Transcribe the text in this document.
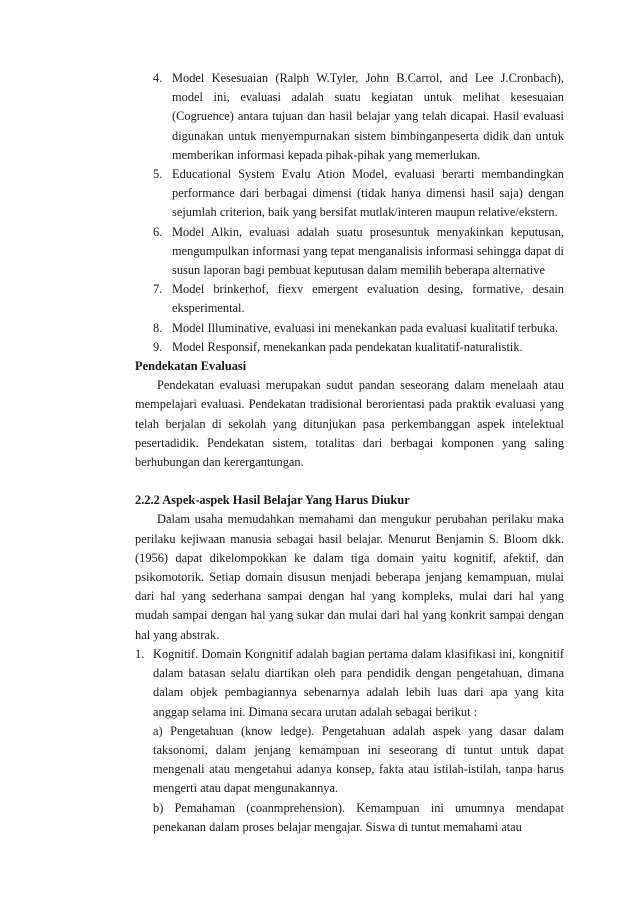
4. Model Kesesuaian (Ralph W.Tyler, John B.Carrol, and Lee J.Cronbach), model ini, evaluasi adalah suatu kegiatan untuk melihat kesesuaian (Cogruence) antara tujuan dan hasil belajar yang telah dicapai. Hasil evaluasi digunakan untuk menyempurnakan sistem bimbinganpeserta didik dan untuk memberikan informasi kepada pihak-pihak yang memerlukan.
5. Educational System Evalu Ation Model, evaluasi berarti membandingkan performance dari berbagai dimensi (tidak hanya dimensi hasil saja) dengan sejumlah criterion, baik yang bersifat mutlak/interen maupun relative/ekstern.
6. Model Alkin, evaluasi adalah suatu prosesuntuk menyakinkan keputusan, mengumpulkan informasi yang tepat menganalisis informasi sehingga dapat di susun laporan bagi pembuat keputusan dalam memilih beberapa alternative
7. Model brinkerhof, fiexv emergent evaluation desing, formative, desain eksperimental.
8. Model Illuminative, evaluasi ini menekankan pada evaluasi kualitatif terbuka.
9. Model Responsif, menekankan pada pendekatan kualitatif-naturalistik.

Pendekatan Evaluasi

Pendekatan evaluasi merupakan sudut pandan seseorang dalam menelaah atau mempelajari evaluasi. Pendekatan tradisional berorientasi pada praktik evaluasi yang telah berjalan di sekolah yang ditunjukan pasa perkembanggan aspek intelektual pesertadidik. Pendekatan sistem, totalitas dari berbagai komponen yang saling berhubungan dan kerergantungan.

2.2.2 Aspek-aspek Hasil Belajar Yang Harus Diukur

Dalam usaha memudahkan memahami dan mengukur perubahan perilaku maka perilaku kejiwaan manusia sebagai hasil belajar. Menurut Benjamin S. Bloom dkk. (1956) dapat dikelompokkan ke dalam tiga domain yaitu kognitif, afektif, dan psikomotorik. Setiap domain disusun menjadi beberapa jenjang kemampuan, mulai dari hal yang sederhana sampai dengan hal yang kompleks, mulai dari hal yang mudah sampai dengan hal yang sukar dan mulai dari hal yang konkrit sampai dengan hal yang abstrak.

1. Kognitif. Domain Kongnitif adalah bagian pertama dalam klasifikasi ini, kongnitif dalam batasan selalu diartikan oleh para pendidik dengan pengetahuan, dimana dalam objek pembagiannya sebenarnya adalah lebih luas dari apa yang kita anggap selama ini. Dimana secara urutan adalah sebagai berikut :

a) Pengetahuan (know ledge). Pengetahuan adalah aspek yang dasar dalam taksonomi, dalam jenjang kemampuan ini seseorang di tuntut untuk dapat mengenali atau mengetahui adanya konsep, fakta atau istilah-istilah, tanpa harus mengerti atau dapat mengunakannya.

b) Pemahaman (coanmprehension). Kemampuan ini umumnya mendapat penekanan dalam proses belajar mengajar. Siswa di tuntut memahami atau
